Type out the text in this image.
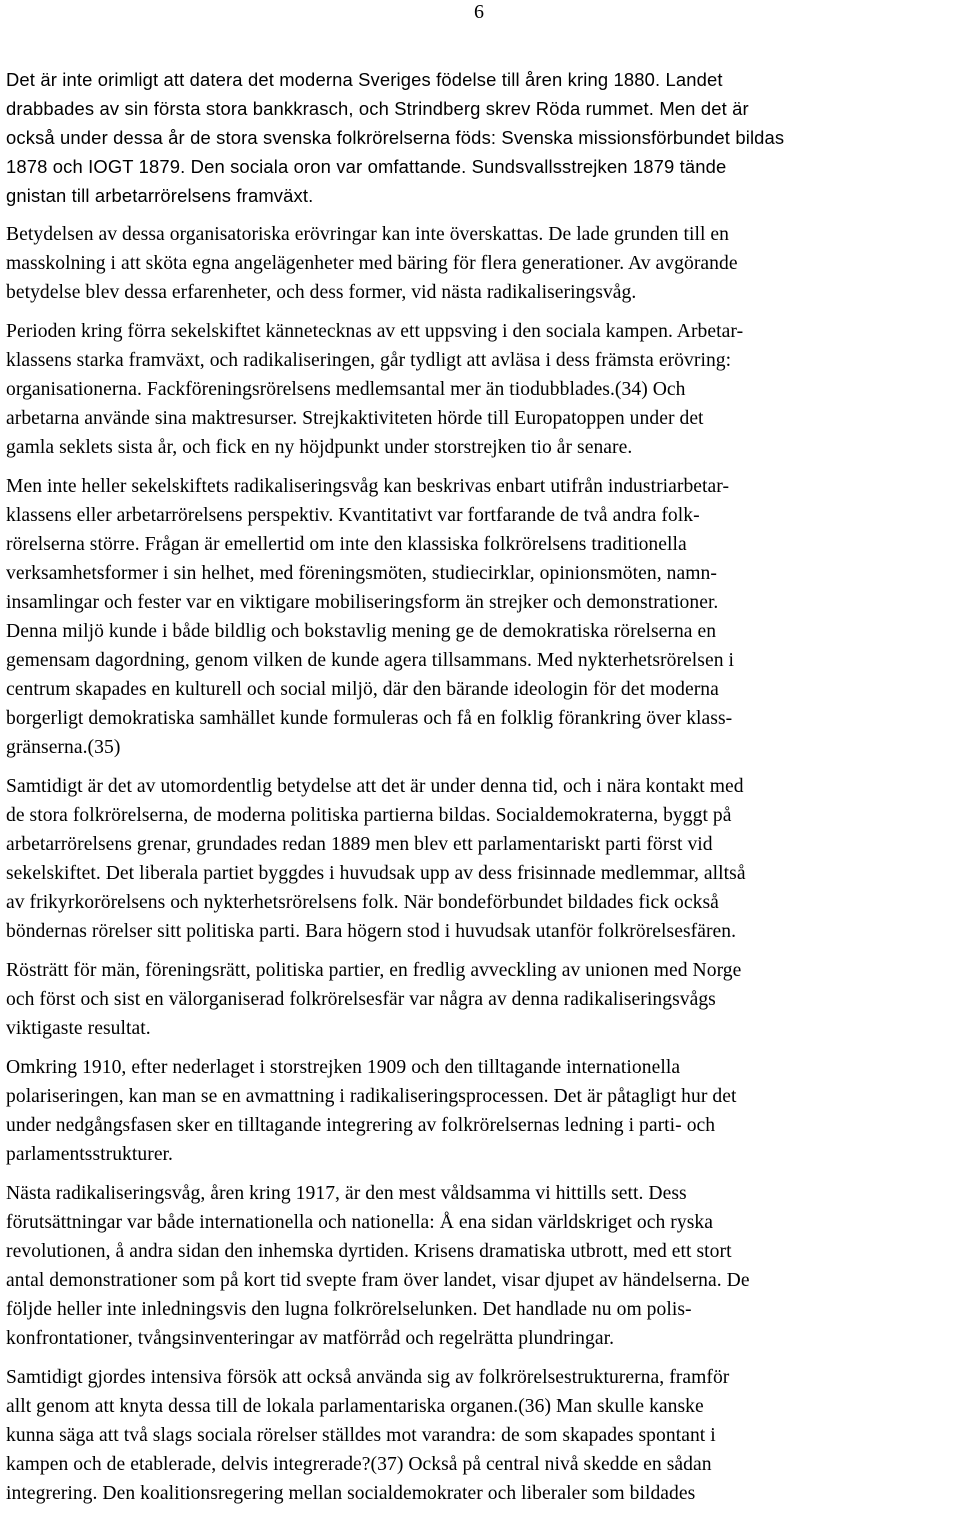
6

Det är inte orimligt att datera det moderna Sveriges födelse till åren kring 1880. Landet
drabbades av sin första stora bankkrasch, och Strindberg skrev Röda rummet. Men det är
också under dessa år de stora svenska folkrörelserna föds: Svenska missionsförbundet bildas
1878 och IOGT 1879. Den sociala oron var omfattande. Sundsvallsstrejken 1879 tände
gnistan till arbetarrörelsens framväxt.

Betydelsen av dessa organisatoriska erövringar kan inte överskattas. De lade grunden till en
masskolning i att sköta egna angelägenheter med bäring för flera generationer. Av avgörande
betydelse blev dessa erfarenheter, och dess former, vid nästa radikaliseringsvåg.

Perioden kring förra sekelskiftet kännetecknas av ett uppsving i den sociala kampen. Arbetar-
klassens starka framväxt, och radikaliseringen, går tydligt att avläsa i dess främsta erövring:
organisationerna. Fackföreningsrörelsens medlemsantal mer än tiodubblades.(34) Och
arbetarna använde sina maktresurser. Strejkaktiviteten hörde till Europatoppen under det
gamla seklets sista år, och fick en ny höjdpunkt under storstrejken tio år senare.

Men inte heller sekelskiftets radikaliseringsvåg kan beskrivas enbart utifrån industriarbetar-
klassens eller arbetarrörelsens perspektiv. Kvantitativt var fortfarande de två andra folk-
rörelserna större. Frågan är emellertid om inte den klassiska folkrörelsens traditionella
verksamhetsformer i sin helhet, med föreningsmöten, studiecirklar, opinionsmöten, namn-
insamlingar och fester var en viktigare mobiliseringsform än strejker och demonstrationer.
Denna miljö kunde i både bildlig och bokstavlig mening ge de demokratiska rörelserna en
gemensam dagordning, genom vilken de kunde agera tillsammans. Med nykterhetsrörelsen i
centrum skapades en kulturell och social miljö, där den bärande ideologin för det moderna
borgerligt demokratiska samhället kunde formuleras och få en folklig förankring över klass-
gränserna.(35)

Samtidigt är det av utomordentlig betydelse att det är under denna tid, och i nära kontakt med
de stora folkrörelserna, de moderna politiska partierna bildas. Socialdemokraterna, byggt på
arbetarrörelsens grenar, grundades redan 1889 men blev ett parlamentariskt parti först vid
sekelskiftet. Det liberala partiet byggdes i huvudsak upp av dess frisinnade medlemmar, alltså
av frikyrkorörelsens och nykterhetsrörelsens folk. När bondeförbundet bildades fick också
böndernas rörelser sitt politiska parti. Bara högern stod i huvudsak utanför folkrörelsesfären.

Rösträtt för män, föreningsrätt, politiska partier, en fredlig avveckling av unionen med Norge
och först och sist en välorganiserad folkrörelsesfär var några av denna radikaliseringsvågs
viktigaste resultat.

Omkring 1910, efter nederlaget i storstrejken 1909 och den tilltagande internationella
polariseringen, kan man se en avmattning i radikaliseringsprocessen. Det är påtagligt hur det
under nedgångsfasen sker en tilltagande integrering av folkrörelsernas ledning i parti- och
parlamentsstrukturer.

Nästa radikaliseringsvåg, åren kring 1917, är den mest våldsamma vi hittills sett. Dess
förutsättningar var både internationella och nationella: Å ena sidan världskriget och ryska
revolutionen, å andra sidan den inhemska dyrtiden. Krisens dramatiska utbrott, med ett stort
antal demonstrationer som på kort tid svepte fram över landet, visar djupet av händelserna. De
följde heller inte inledningsvis den lugna folkrörelselunken. Det handlade nu om polis-
konfrontationer, tvångsinventeringar av matförråd och regelrätta plundringar.

Samtidigt gjordes intensiva försök att också använda sig av folkrörelsestrukturerna, framför
allt genom att knyta dessa till de lokala parlamentariska organen.(36) Man skulle kanske
kunna säga att två slags sociala rörelser ställdes mot varandra: de som skapades spontant i
kampen och de etablerade, delvis integrerade?(37) Också på central nivå skedde en sådan
integrering. Den koalitionsregering mellan socialdemokrater och liberaler som bildades
